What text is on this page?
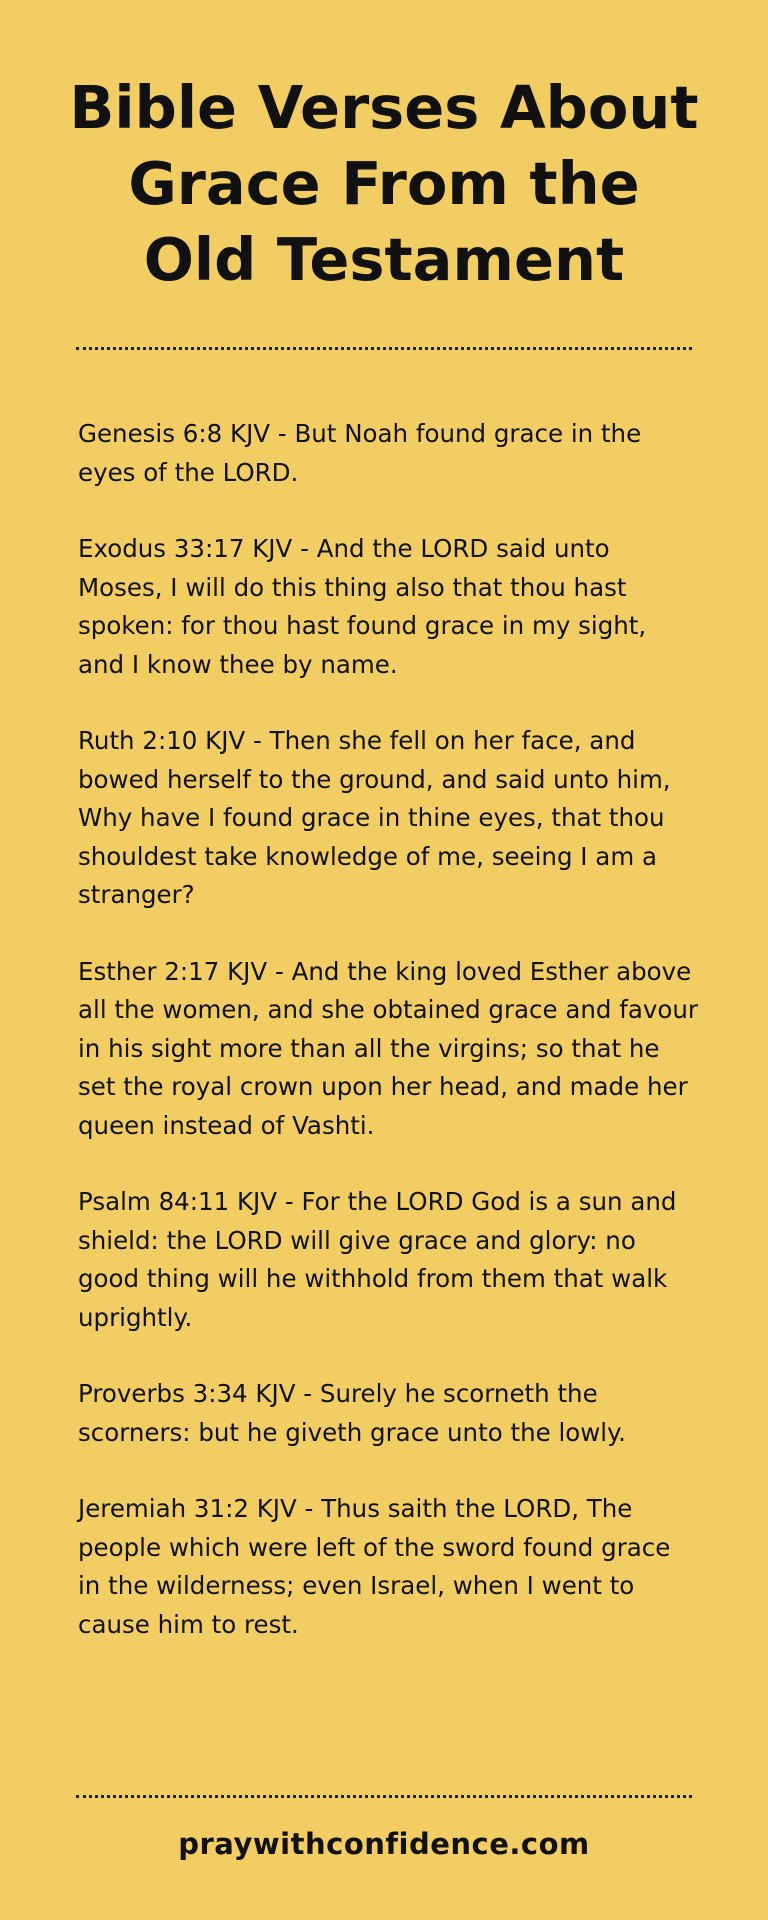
Bible Verses About
Grace From the
Old Testament
Genesis 6:8 KJV - But Noah found grace in the eyes of the LORD.
Exodus 33:17 KJV - And the LORD said unto Moses, I will do this thing also that thou hast spoken: for thou hast found grace in my sight, and I know thee by name.
Ruth 2:10 KJV - Then she fell on her face, and bowed herself to the ground, and said unto him, Why have I found grace in thine eyes, that thou shouldest take knowledge of me, seeing I am a stranger?
Esther 2:17 KJV - And the king loved Esther above all the women, and she obtained grace and favour in his sight more than all the virgins; so that he set the royal crown upon her head, and made her queen instead of Vashti.
Psalm 84:11 KJV - For the LORD God is a sun and shield: the LORD will give grace and glory: no good thing will he withhold from them that walk uprightly.
Proverbs 3:34 KJV - Surely he scorneth the scorners: but he giveth grace unto the lowly.
Jeremiah 31:2 KJV - Thus saith the LORD, The people which were left of the sword found grace in the wilderness; even Israel, when I went to cause him to rest.
praywithconfidence.com
